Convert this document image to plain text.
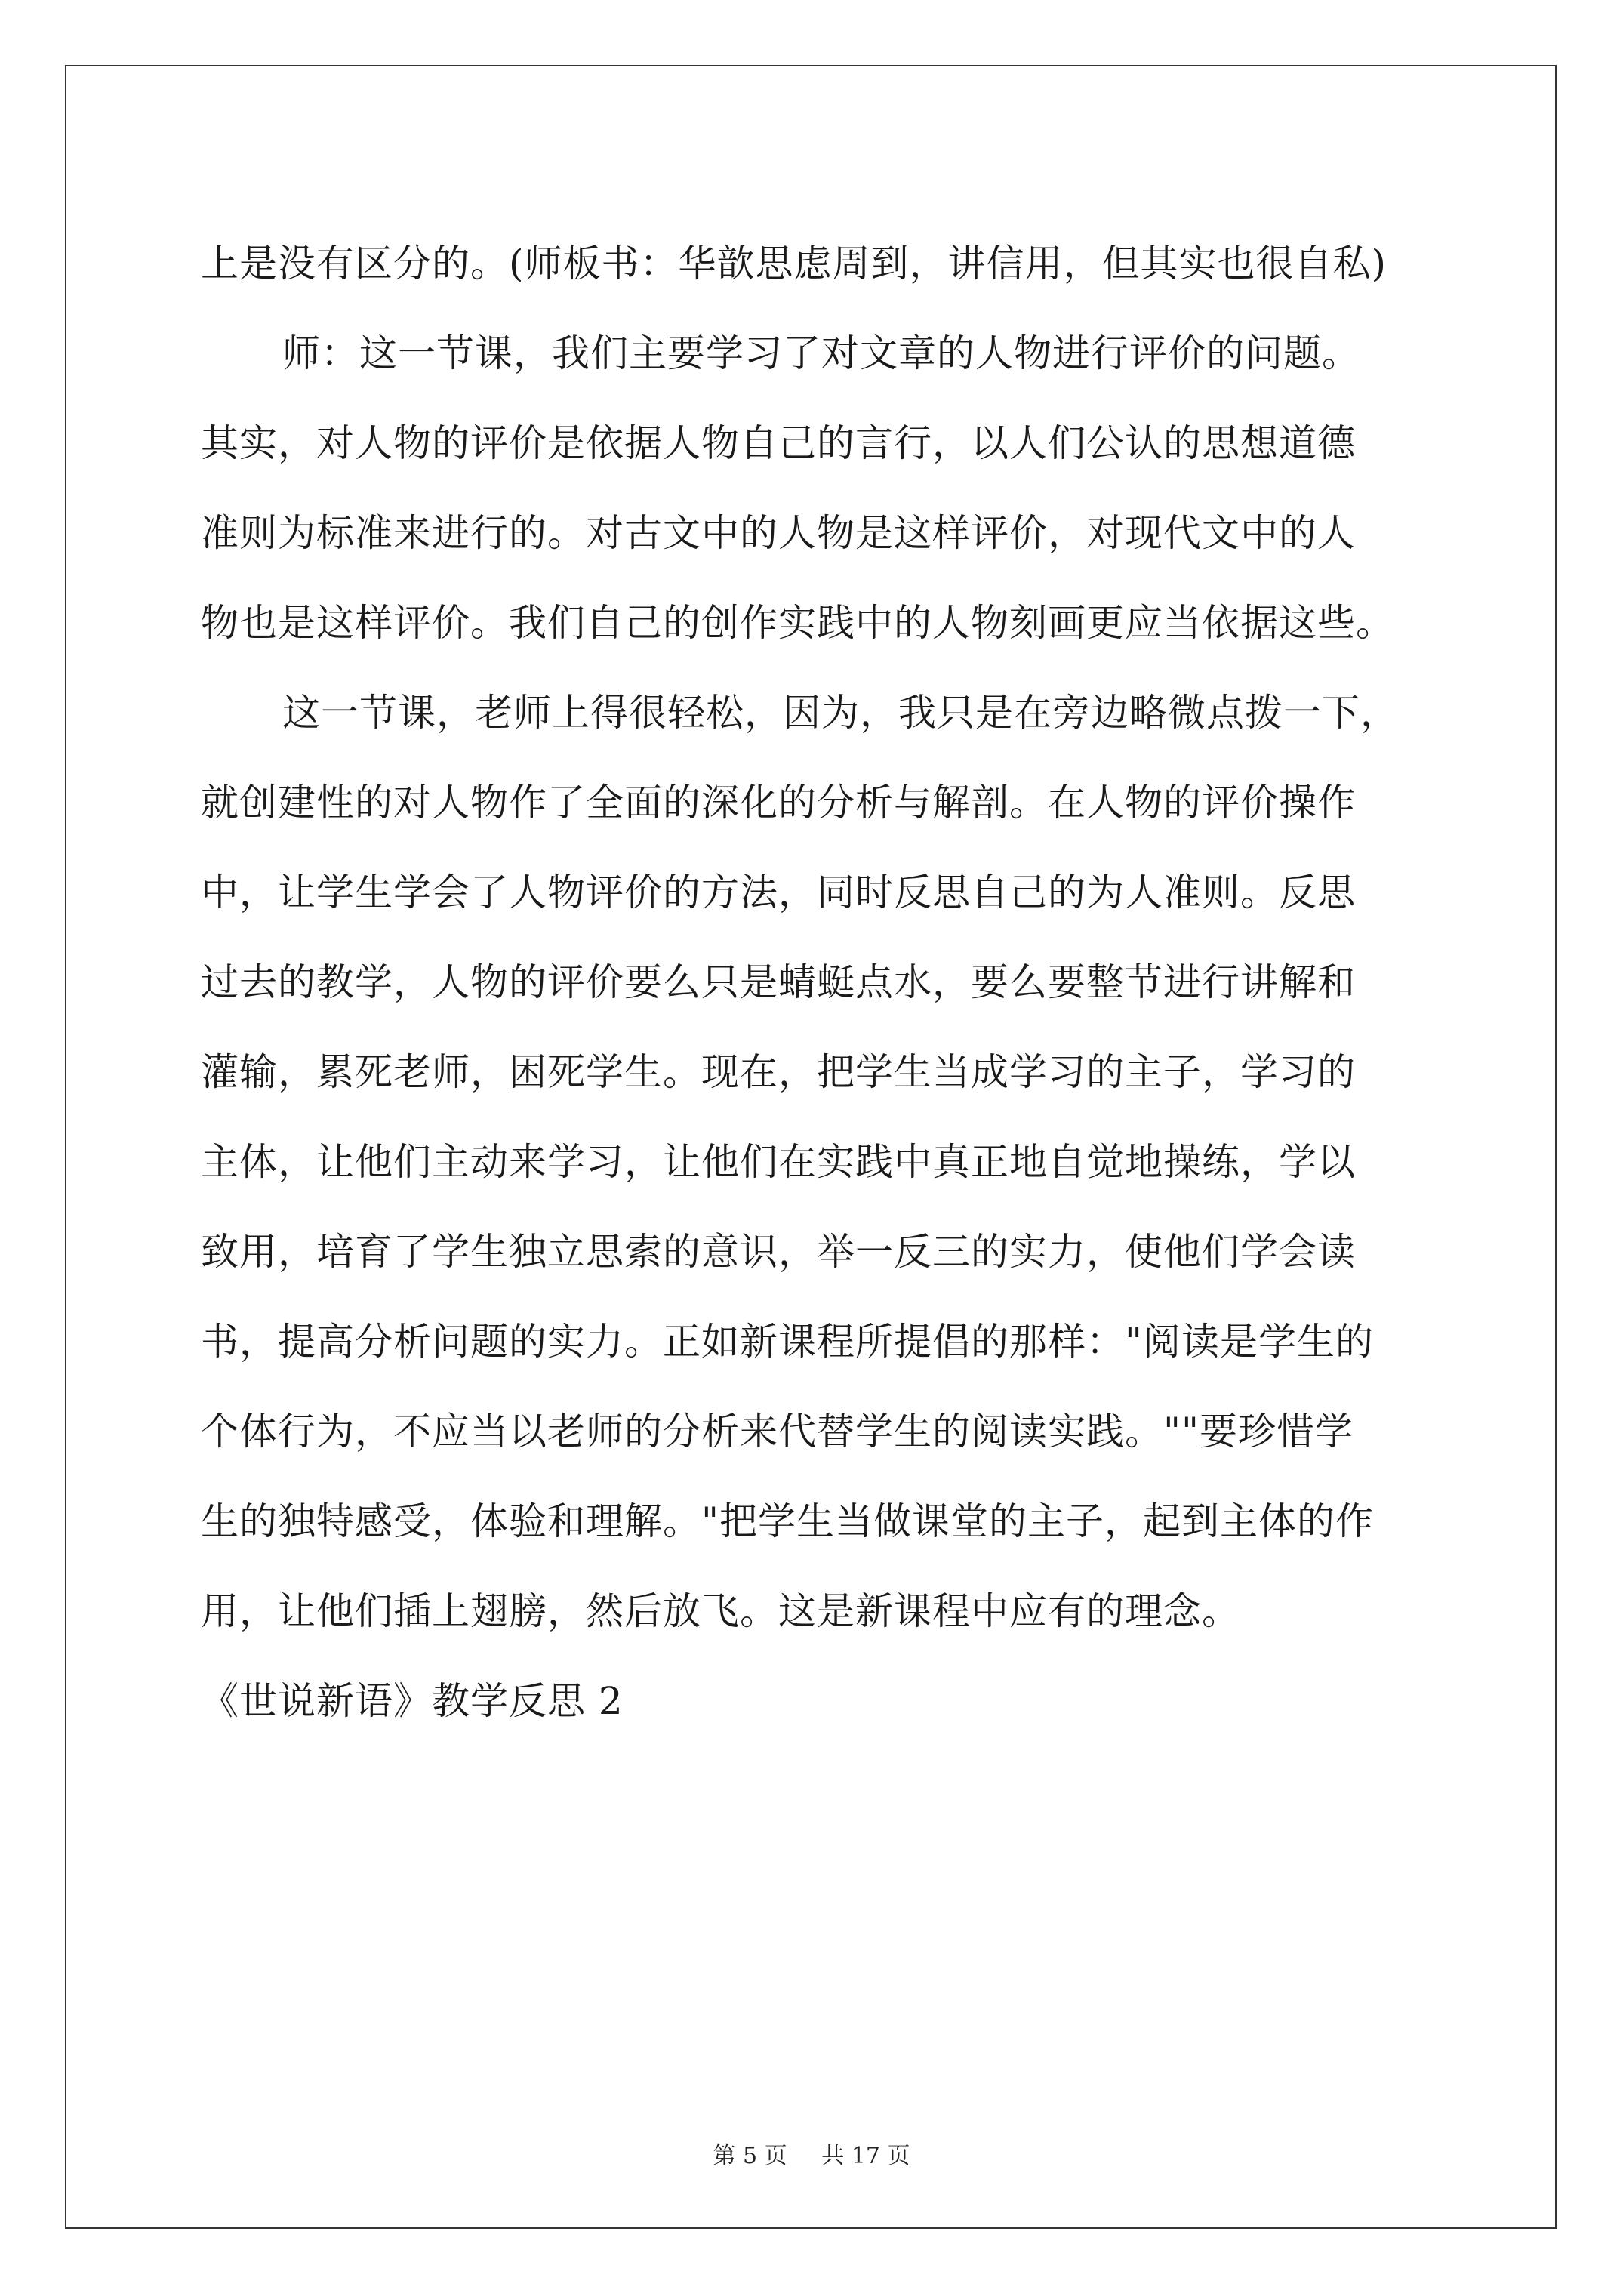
上是没有区分的。(师板书：华歆思虑周到，讲信用，但其实也很自私)
师：这一节课，我们主要学习了对文章的人物进行评价的问题。
其实，对人物的评价是依据人物自己的言行，以人们公认的思想道德
准则为标准来进行的。对古文中的人物是这样评价，对现代文中的人
物也是这样评价。我们自己的创作实践中的人物刻画更应当依据这些。
这一节课，老师上得很轻松，因为，我只是在旁边略微点拨一下，
就创建性的对人物作了全面的深化的分析与解剖。在人物的评价操作
中，让学生学会了人物评价的方法，同时反思自己的为人准则。反思
过去的教学，人物的评价要么只是蜻蜓点水，要么要整节进行讲解和
灌输，累死老师，困死学生。现在，把学生当成学习的主子，学习的
主体，让他们主动来学习，让他们在实践中真正地自觉地操练，学以
致用，培育了学生独立思索的意识，举一反三的实力，使他们学会读
书，提高分析问题的实力。正如新课程所提倡的那样："阅读是学生的
个体行为，不应当以老师的分析来代替学生的阅读实践。""要珍惜学
生的独特感受，体验和理解。"把学生当做课堂的主子，起到主体的作
用，让他们插上翅膀，然后放飞。这是新课程中应有的理念。
《世说新语》教学反思 2
第 5 页 共 17 页
